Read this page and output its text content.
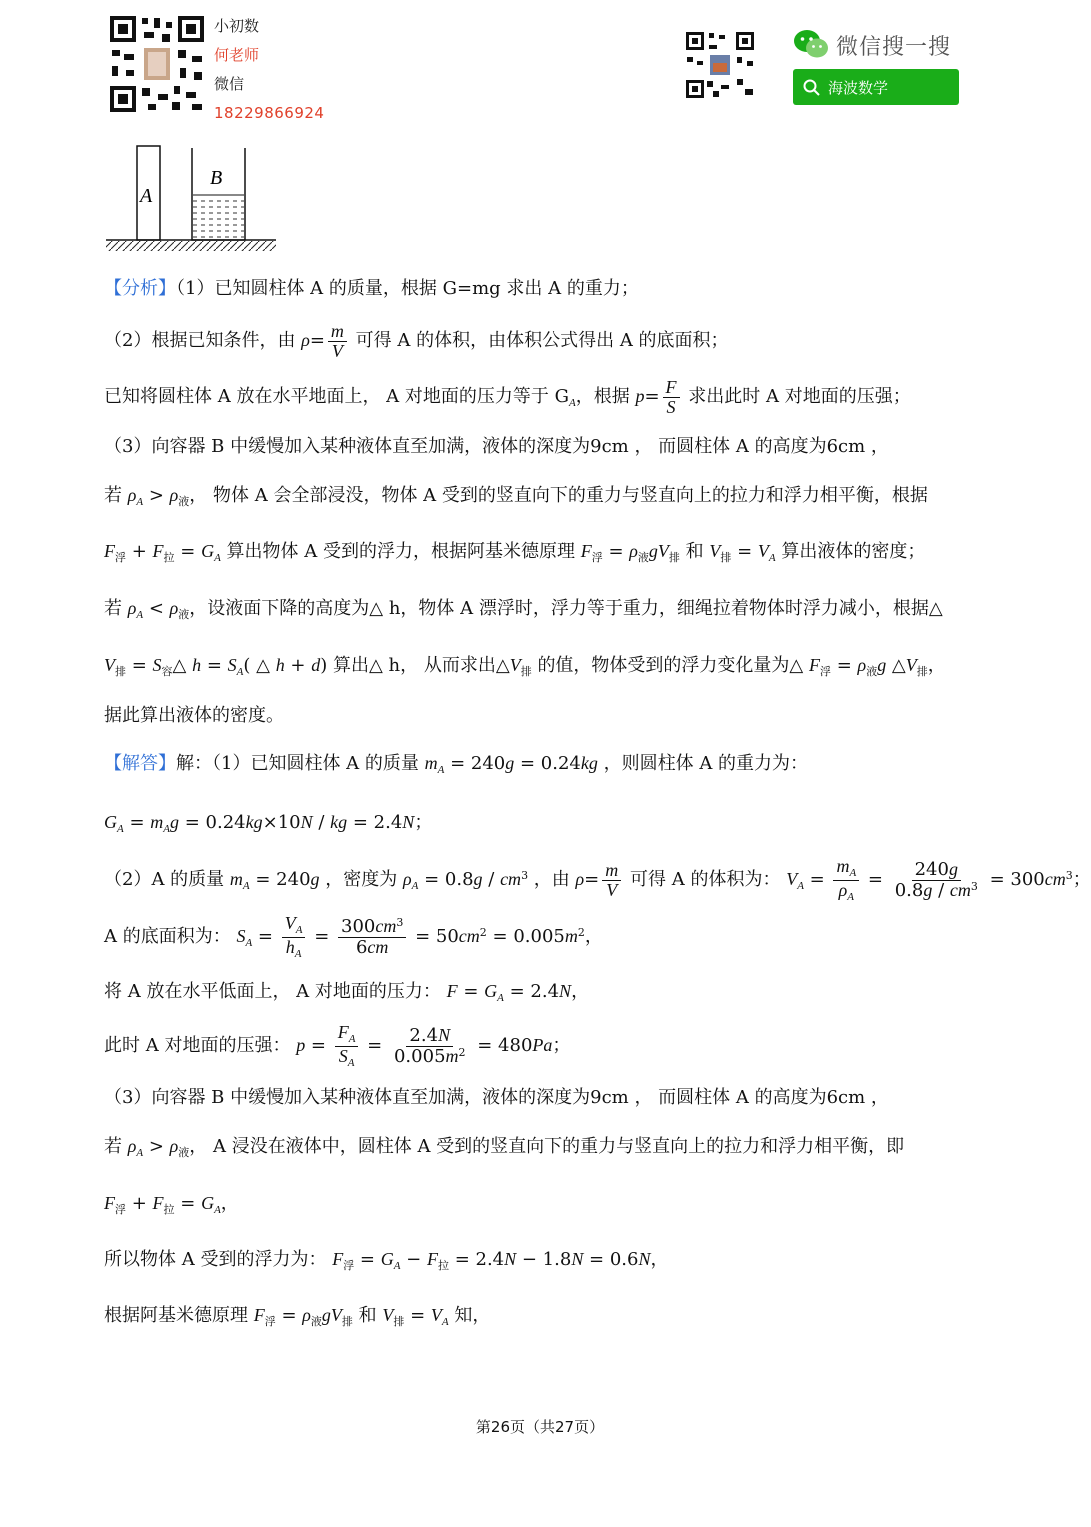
小初数
何老师
微信
18229866924
微信搜一搜
海波数学
A
B
【分析】（1）已知圆柱体 A 的质量，根据 G=mg 求出 A 的重力；
（2）根据已知条件，由 $\rho= \frac{m}{V}$ 可得 A 的体积，由体积公式得出 A 的底面积；
已知将圆柱体 A 放在水平地面上， A 对地面的压力等于 $G_A$，根据 $p= \frac{F}{S}$ 求出此时 A 对地面的压强；
（3）向容器 B 中缓慢加入某种液体直至加满，液体的深度为9cm ， 而圆柱体 A 的高度为6cm ，
若 $\rho_A > \rho_液$， 物体 A 会全部浸没，物体 A 受到的竖直向下的重力与竖直向上的拉力和浮力相平衡，根据
$F_浮 + F_拉 = G_A$ 算出物体 A 受到的浮力，根据阿基米德原理 $F_浮 = \rho_液gV_排$ 和 $V_排 = V_A$ 算出液体的密度；
若 $\rho_A < \rho_液$，设液面下降的高度为△ h，物体 A 漂浮时，浮力等于重力，细绳拉着物体时浮力减小，根据△
$V_排$ = $S_容\triangle$ $h = S_A$( △ h + d) 算出△ h， 从而求出$\triangle V_排$ 的值，物体受到的浮力变化量为△ $F_浮 = \rho_液g$ $\triangle V_排$，
据此算出液体的密度。
【解答】解：（1）已知圆柱体 A 的质量 $m_A = 240g = 0.24kg$ ，则圆柱体 A 的重力为：
$G_A = m_Ag = 0.24kg\times 10N$ / kg = 2.4N；
（2）A 的质量 $m_A = 240g$ ，密度为 $\rho_A = 0.8g / cm^3$ ，由 $\rho= \frac{m}{V}$ 可得 A 的体积为： $V_A = \frac{m_A}{\rho_A} = \frac{240g}{0.8g / cm^3} = 300cm^3$；
A 的底面积为： $S_A = \frac{V_A}{h_A} = \frac{300cm^3}{6cm} = 50cm^2 = 0.005m^2$，
将 A 放在水平低面上， A 对地面的压力： $F = G_A = 2.4N$，
此时 A 对地面的压强： $p = \frac{F_A}{S_A} = \frac{2.4N}{0.005m^2} = 480Pa$；
（3）向容器 B 中缓慢加入某种液体直至加满，液体的深度为9cm ， 而圆柱体 A 的高度为6cm ，
若 $\rho_A > \rho_液$， A 浸没在液体中，圆柱体 A 受到的竖直向下的重力与竖直向上的拉力和浮力相平衡，即
$F_浮 + F_拉 = G_A$，
所以物体 A 受到的浮力为： $F_浮 = G_A - F_拉 = 2.4N - 1.8N = 0.6N$，
根据阿基米德原理 $F_浮 = \rho_液gV_排$ 和 $V_排 = V_A$ 知，
第26页（共27页）
